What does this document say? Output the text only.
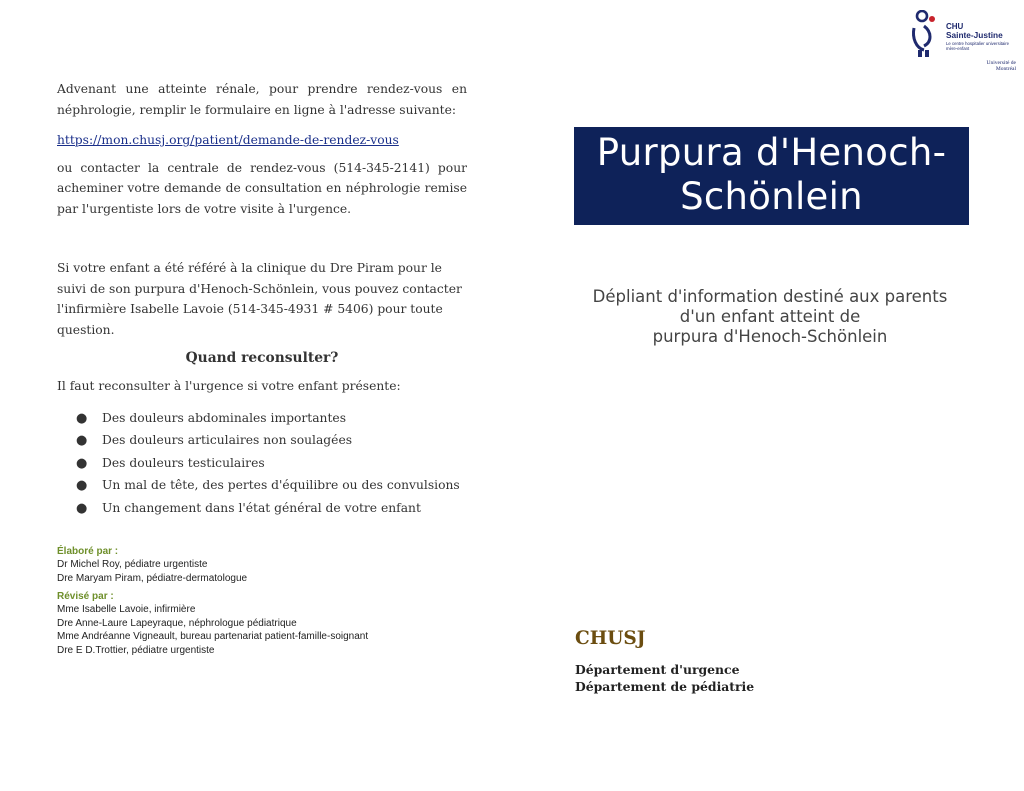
Advenant une atteinte rénale, pour prendre rendez-vous en néphrologie, remplir le formulaire en ligne à l'adresse suivante:

https://mon.chusj.org/patient/demande-de-rendez-vous

ou contacter la centrale de rendez-vous (514-345-2141) pour acheminer votre demande de consultation en néphrologie remise par l'urgentiste lors de votre visite à l'urgence.

Si votre enfant a été référé à la clinique du Dre Piram pour le suivi de son purpura d'Henoch-Schönlein, vous pouvez contacter l'infirmière Isabelle Lavoie (514-345-4931 # 5406) pour toute question.

Quand reconsulter?

Il faut reconsulter à l'urgence si votre enfant présente:

● Des douleurs abdominales importantes
● Des douleurs articulaires non soulagées
● Des douleurs testiculaires
● Un mal de tête, des pertes d'équilibre ou des convulsions
● Un changement dans l'état général de votre enfant

Élaboré par :

Dr Michel Roy, pédiatre urgentiste

Dre Maryam Piram, pédiatre-dermatologue

Révisé par :

Mme Isabelle Lavoie, infirmière

Dre Anne-Laure Lapeyraque, néphrologue pédiatrique

Mme Andréanne Vigneault, bureau partenariat patient-famille-soignant

Dre E D.Trottier, pédiatre urgentiste

CHU
Sainte-Justine
Le centre hospitalier universitaire mère-enfant
Université de Montréal
Purpura d'Henoch-
Schönlein
Dépliant d'information destiné aux parents
d'un enfant atteint de
purpura d'Henoch-Schönlein

CHUSJ

Département d'urgence

Département de pédiatrie
